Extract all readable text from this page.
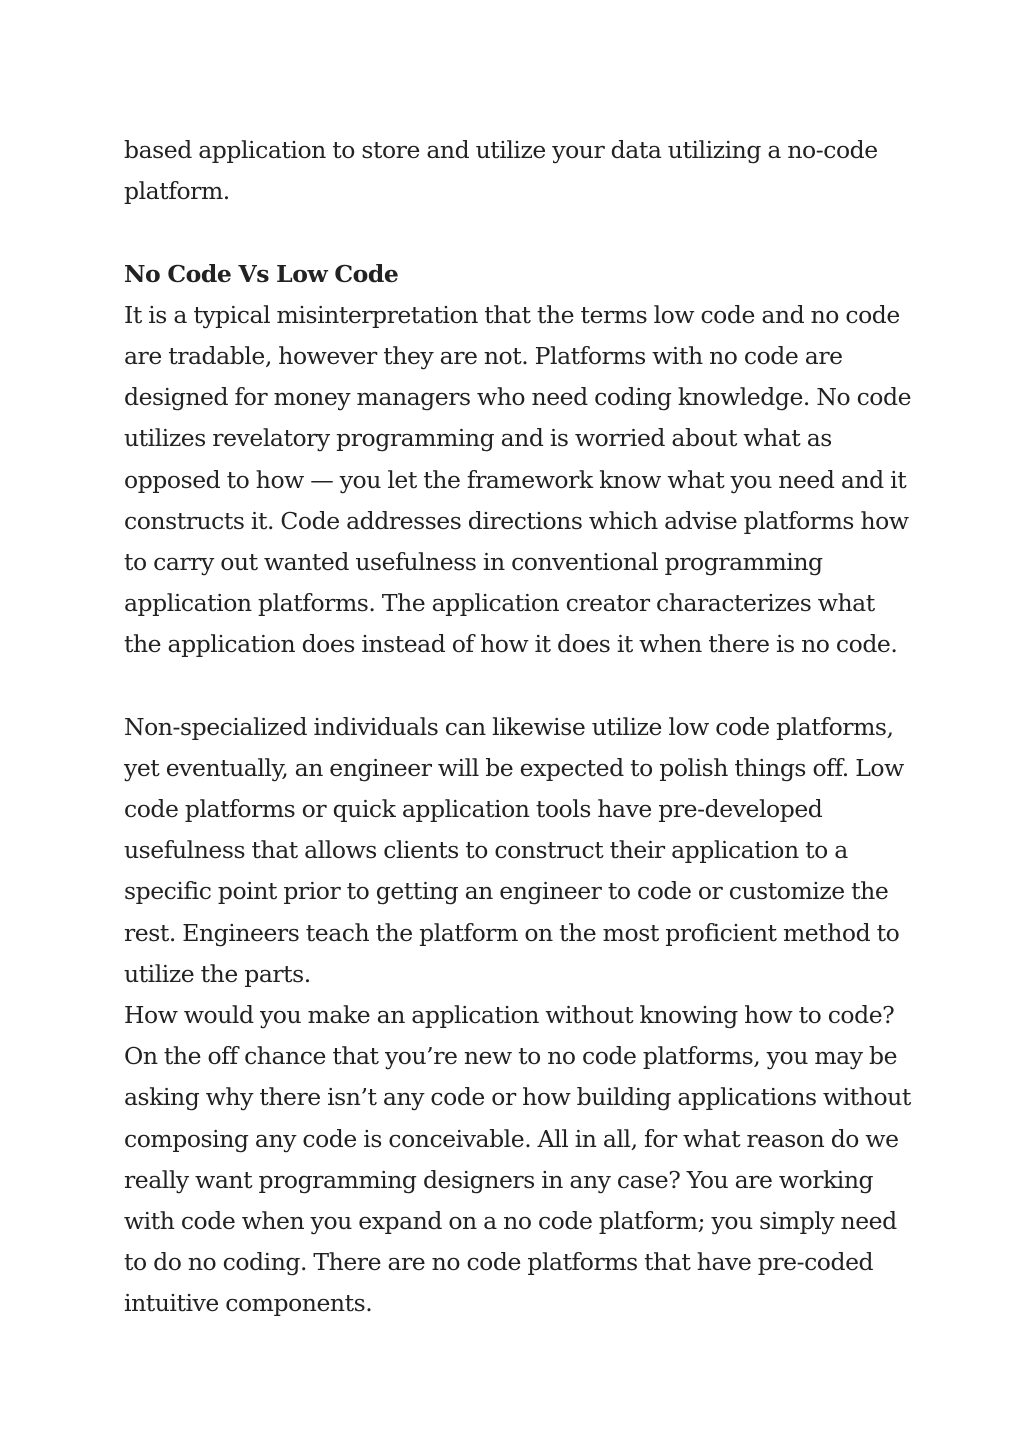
based application to store and utilize your data utilizing a no-code
platform.
No Code Vs Low Code
It is a typical misinterpretation that the terms low code and no code
are tradable, however they are not. Platforms with no code are
designed for money managers who need coding knowledge. No code
utilizes revelatory programming and is worried about what as
opposed to how — you let the framework know what you need and it
constructs it. Code addresses directions which advise platforms how
to carry out wanted usefulness in conventional programming
application platforms. The application creator characterizes what
the application does instead of how it does it when there is no code.
Non-specialized individuals can likewise utilize low code platforms,
yet eventually, an engineer will be expected to polish things off. Low
code platforms or quick application tools have pre-developed
usefulness that allows clients to construct their application to a
specific point prior to getting an engineer to code or customize the
rest. Engineers teach the platform on the most proficient method to
utilize the parts.
How would you make an application without knowing how to code?
On the off chance that you’re new to no code platforms, you may be
asking why there isn’t any code or how building applications without
composing any code is conceivable. All in all, for what reason do we
really want programming designers in any case? You are working
with code when you expand on a no code platform; you simply need
to do no coding. There are no code platforms that have pre-coded
intuitive components.
